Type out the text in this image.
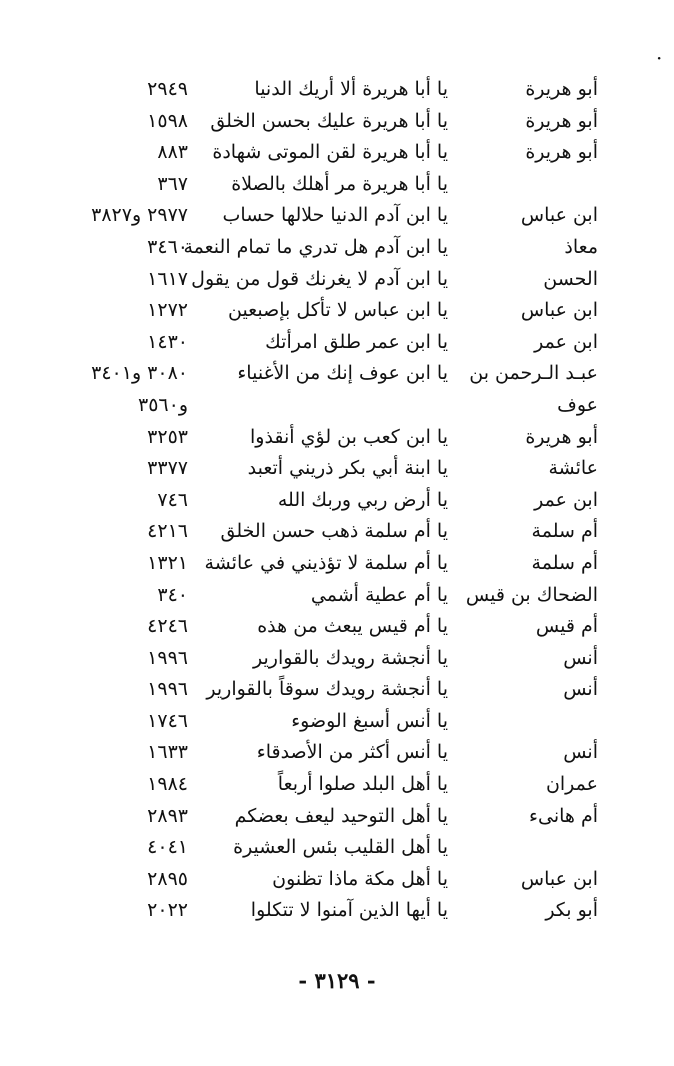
·
أبو هريرة
يا أبا هريرة ألا أريك الدنيا
٢٩٤٩
أبو هريرة
يا أبا هريرة عليك بحسن الخلق
١٥٩٨
أبو هريرة
يا أبا هريرة لقن الموتى شهادة
٨٨٣
يا أبا هريرة مر أهلك بالصلاة
٣٦٧
ابن عباس
يا ابن آدم الدنيا حلالها حساب
٢٩٧٧ و٣٨٢٧
معاذ
يا ابن آدم هل تدري ما تمام النعمة
٣٤٦٠
الحسن
يا ابن آدم لا يغرنك قول من يقول
١٦١٧
ابن عباس
يا ابن عباس لا تأكل بإصبعين
١٢٧٢
ابن عمر
يا ابن عمر طلق امرأتك
١٤٣٠
عبـد الـرحمن بن
يا ابن عوف إنك من الأغنياء
٣٠٨٠ و٣٤٠١
عوف
و٣٥٦٠
أبو هريرة
يا ابن كعب بن لؤي أنقذوا
٣٢٥٣
عائشة
يا ابنة أبي بكر ذريني أتعبد
٣٣٧٧
ابن عمر
يا أرض ربي وربك الله
٧٤٦
أم سلمة
يا أم سلمة ذهب حسن الخلق
٤٢١٦
أم سلمة
يا أم سلمة لا تؤذيني في عائشة
١٣٢١
الضحاك بن قيس
يا أم عطية أشمي
٣٤٠
أم قيس
يا أم قيس يبعث من هذه
٤٢٤٦
أنس
يا أنجشة رويدك بالقوارير
١٩٩٦
أنس
يا أنجشة رويدك سوقاً بالقوارير
١٩٩٦
يا أنس أسبغ الوضوء
١٧٤٦
أنس
يا أنس أكثر من الأصدقاء
١٦٣٣
عمران
يا أهل البلد صلوا أربعاً
١٩٨٤
أم هانىء
يا أهل التوحيد ليعف بعضكم
٢٨٩٣
يا أهل القليب بئس العشيرة
٤٠٤١
ابن عباس
يا أهل مكة ماذا تظنون
٢٨٩٥
أبو بكر
يا أيها الذين آمنوا لا تتكلوا
٢٠٢٢
- ٣١٢٩ -
